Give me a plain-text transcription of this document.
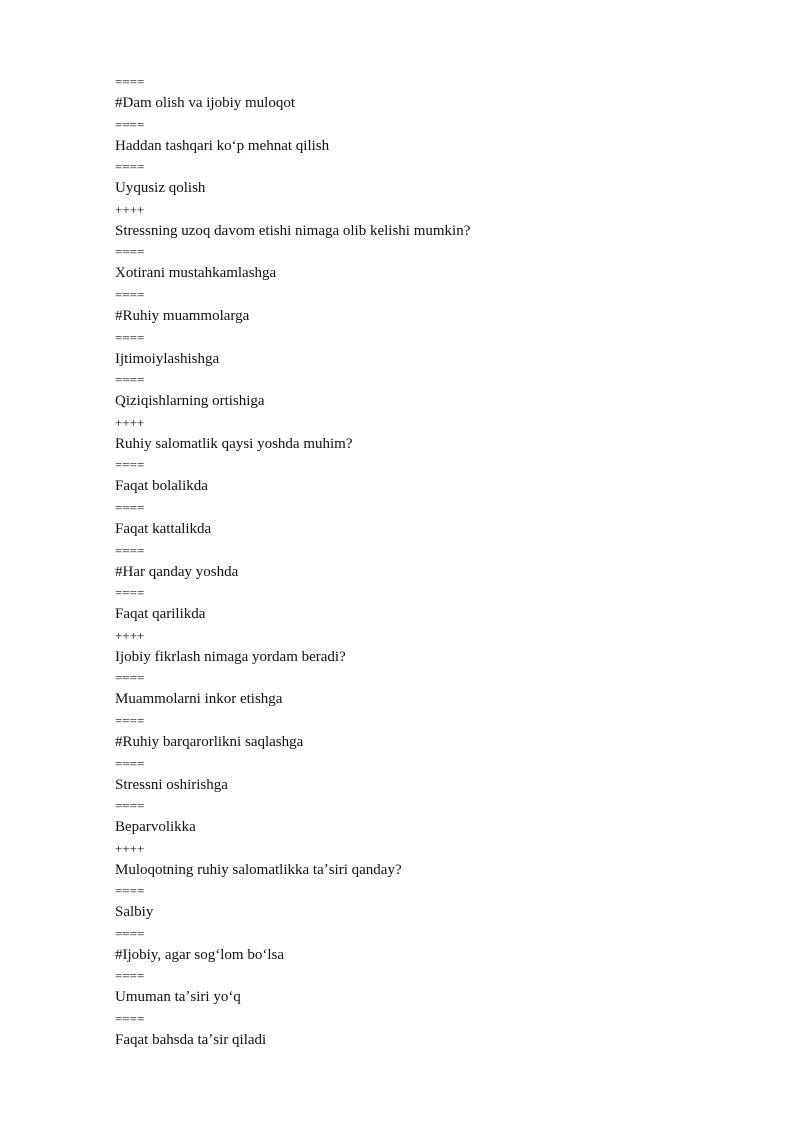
====
#Dam olish va ijobiy muloqot
====
Haddan tashqari koʻp mehnat qilish
====
Uyqusiz qolish
++++
Stressning uzoq davom etishi nimaga olib kelishi mumkin?
====
Xotirani mustahkamlashga
====
#Ruhiy muammolarga
====
Ijtimoiylashishga
====
Qiziqishlarning ortishiga
++++
Ruhiy salomatlik qaysi yoshda muhim?
====
Faqat bolalikda
====
Faqat kattalikda
====
#Har qanday yoshda
====
Faqat qarilikda
++++
Ijobiy fikrlash nimaga yordam beradi?
====
Muammolarni inkor etishga
====
#Ruhiy barqarorlikni saqlashga
====
Stressni oshirishga
====
Beparvolikka
++++
Muloqotning ruhiy salomatlikka taʼsiri qanday?
====
Salbiy
====
#Ijobiy, agar sogʻlom boʻlsa
====
Umuman taʼsiri yoʻq
====
Faqat bahsda taʼsir qiladi
